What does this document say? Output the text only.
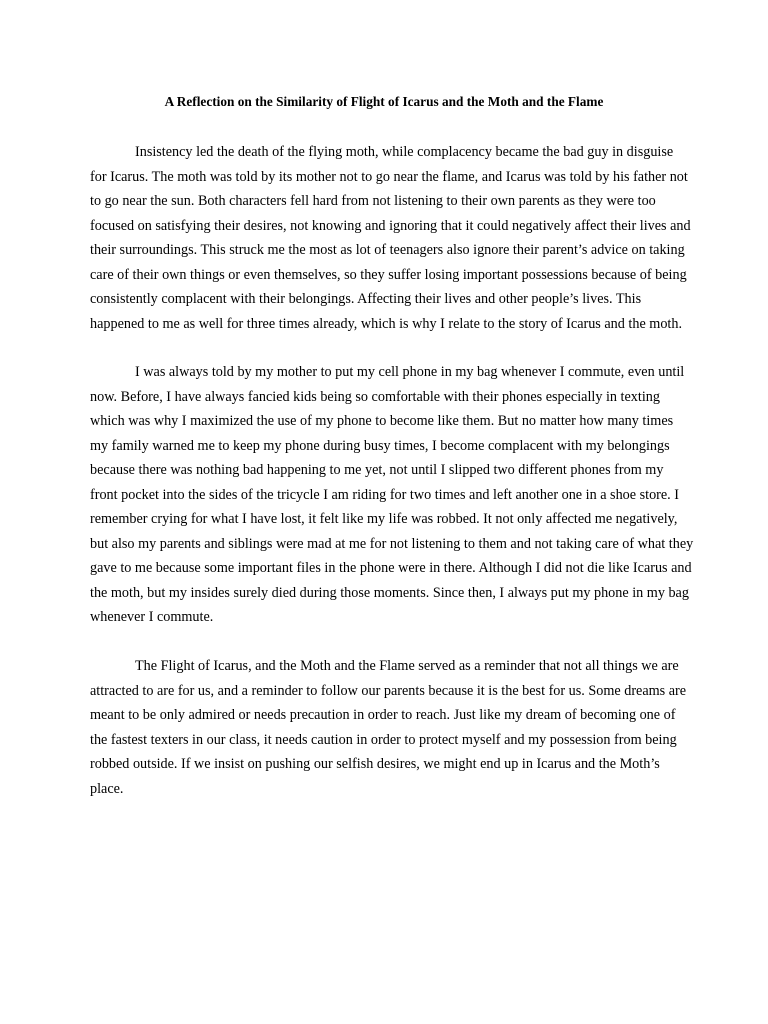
A Reflection on the Similarity of Flight of Icarus and the Moth and the Flame
Insistency led the death of the flying moth, while complacency became the bad guy in disguise
for Icarus. The moth was told by its mother not to go near the flame, and Icarus was told by his father not
to go near the sun. Both characters fell hard from not listening to their own parents as they were too
focused on satisfying their desires, not knowing and ignoring that it could negatively affect their lives and
their surroundings. This struck me the most as lot of teenagers also ignore their parent’s advice on taking
care of their own things or even themselves, so they suffer losing important possessions because of being
consistently complacent with their belongings. Affecting their lives and other people’s lives. This
happened to me as well for three times already, which is why I relate to the story of Icarus and the moth.
I was always told by my mother to put my cell phone in my bag whenever I commute, even until
now. Before, I have always fancied kids being so comfortable with their phones especially in texting
which was why I maximized the use of my phone to become like them. But no matter how many times
my family warned me to keep my phone during busy times, I become complacent with my belongings
because there was nothing bad happening to me yet, not until I slipped two different phones from my
front pocket into the sides of the tricycle I am riding for two times and left another one in a shoe store. I
remember crying for what I have lost, it felt like my life was robbed. It not only affected me negatively,
but also my parents and siblings were mad at me for not listening to them and not taking care of what they
gave to me because some important files in the phone were in there. Although I did not die like Icarus and
the moth, but my insides surely died during those moments. Since then, I always put my phone in my bag
whenever I commute.
The Flight of Icarus, and the Moth and the Flame served as a reminder that not all things we are
attracted to are for us, and a reminder to follow our parents because it is the best for us. Some dreams are
meant to be only admired or needs precaution in order to reach. Just like my dream of becoming one of
the fastest texters in our class, it needs caution in order to protect myself and my possession from being
robbed outside. If we insist on pushing our selfish desires, we might end up in Icarus and the Moth’s
place.
